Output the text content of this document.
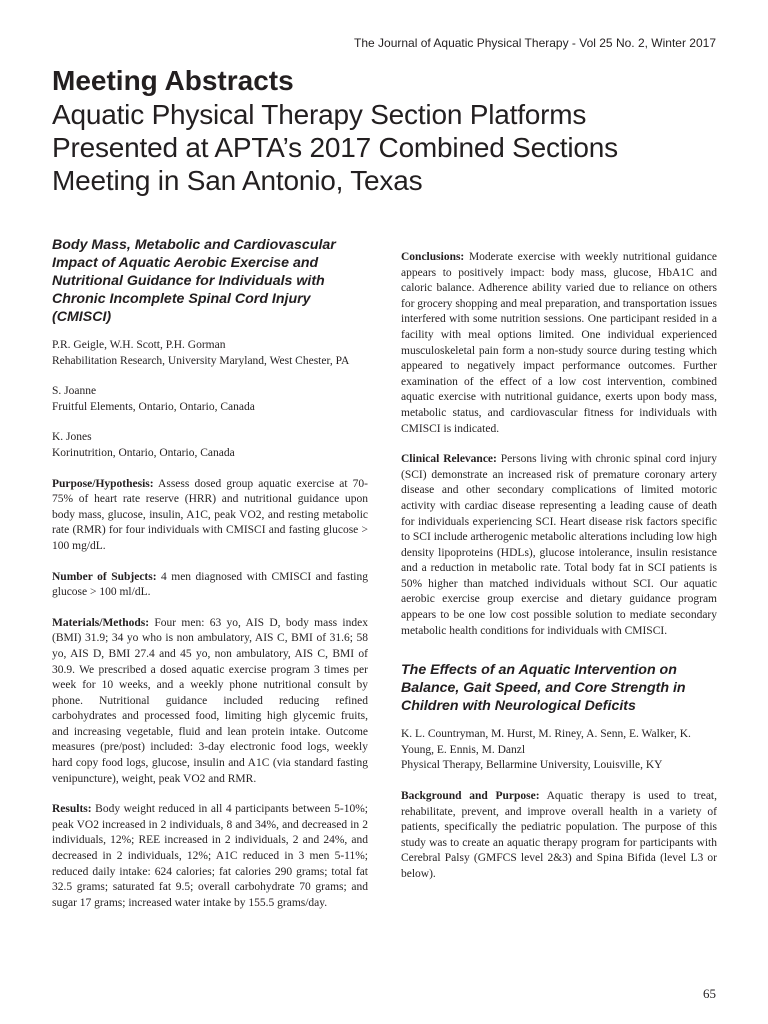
The Journal of Aquatic Physical Therapy - Vol 25 No. 2, Winter 2017
Meeting Abstracts
Aquatic Physical Therapy Section Platforms
Presented at APTA’s 2017 Combined Sections
Meeting in San Antonio, Texas
Body Mass, Metabolic and Cardiovascular Impact of Aquatic Aerobic Exercise and Nutritional Guidance for Individuals with Chronic Incomplete Spinal Cord Injury (CMISCI)
P.R. Geigle, W.H. Scott, P.H. Gorman
Rehabilitation Research, University Maryland, West Chester, PA
S. Joanne
Fruitful Elements, Ontario, Ontario, Canada
K. Jones
Korinutrition, Ontario, Ontario, Canada
Purpose/Hypothesis: Assess dosed group aquatic exercise at 70-75% of heart rate reserve (HRR) and nutritional guidance upon body mass, glucose, insulin, A1C, peak VO2, and resting metabolic rate (RMR) for four individuals with CMISCI and fasting glucose > 100 mg/dL.
Number of Subjects: 4 men diagnosed with CMISCI and fasting glucose > 100 ml/dL.
Materials/Methods: Four men: 63 yo, AIS D, body mass index (BMI) 31.9; 34 yo who is non ambulatory, AIS C, BMI of 31.6; 58 yo, AIS D, BMI 27.4 and 45 yo, non ambulatory, AIS C, BMI of 30.9. We prescribed a dosed aquatic exercise program 3 times per week for 10 weeks, and a weekly phone nutritional consult by phone. Nutritional guidance included reducing refined carbohydrates and processed food, limiting high glycemic fruits, and increasing vegetable, fluid and lean protein intake. Outcome measures (pre/post) included: 3-day electronic food logs, weekly hard copy food logs, glucose, insulin and A1C (via standard fasting venipuncture), weight, peak VO2 and RMR.
Results: Body weight reduced in all 4 participants between 5-10%; peak VO2 increased in 2 individuals, 8 and 34%, and decreased in 2 individuals, 12%; REE increased in 2 individuals, 2 and 24%, and decreased in 2 individuals, 12%; A1C reduced in 3 men 5-11%; reduced daily intake: 624 calories; fat calories 290 grams; total fat 32.5 grams; saturated fat 9.5; overall carbohydrate 70 grams; and sugar 17 grams; increased water intake by 155.5 grams/day.
Conclusions: Moderate exercise with weekly nutritional guidance appears to positively impact: body mass, glucose, HbA1C and caloric balance. Adherence ability varied due to reliance on others for grocery shopping and meal preparation, and transportation issues interfered with some nutrition sessions. One participant resided in a facility with meal options limited. One individual experienced musculoskeletal pain form a non-study source during testing which appeared to negatively impact performance outcomes. Further examination of the effect of a low cost intervention, combined aquatic exercise with nutritional guidance, exerts upon body mass, metabolic status, and cardiovascular fitness for individuals with CMISCI is indicated.
Clinical Relevance: Persons living with chronic spinal cord injury (SCI) demonstrate an increased risk of premature coronary artery disease and other secondary complications of limited motoric activity with cardiac disease representing a leading cause of death for individuals experiencing SCI. Heart disease risk factors specific to SCI include artherogenic metabolic alterations including low high density lipoproteins (HDLs), glucose intolerance, insulin resistance and a reduction in metabolic rate. Total body fat in SCI patients is 50% higher than matched individuals without SCI. Our aquatic aerobic exercise group exercise and dietary guidance program appears to be one low cost possible solution to mediate secondary metabolic health conditions for individuals with CMISCI.
The Effects of an Aquatic Intervention on Balance, Gait Speed, and Core Strength in Children with Neurological Deficits
K. L. Countryman, M. Hurst, M. Riney, A. Senn, E. Walker, K. Young, E. Ennis, M. Danzl
Physical Therapy, Bellarmine University, Louisville, KY
Background and Purpose: Aquatic therapy is used to treat, rehabilitate, prevent, and improve overall health in a variety of patients, specifically the pediatric population. The purpose of this study was to create an aquatic therapy program for participants with Cerebral Palsy (GMFCS level 2&3) and Spina Bifida (level L3 or below).
65
